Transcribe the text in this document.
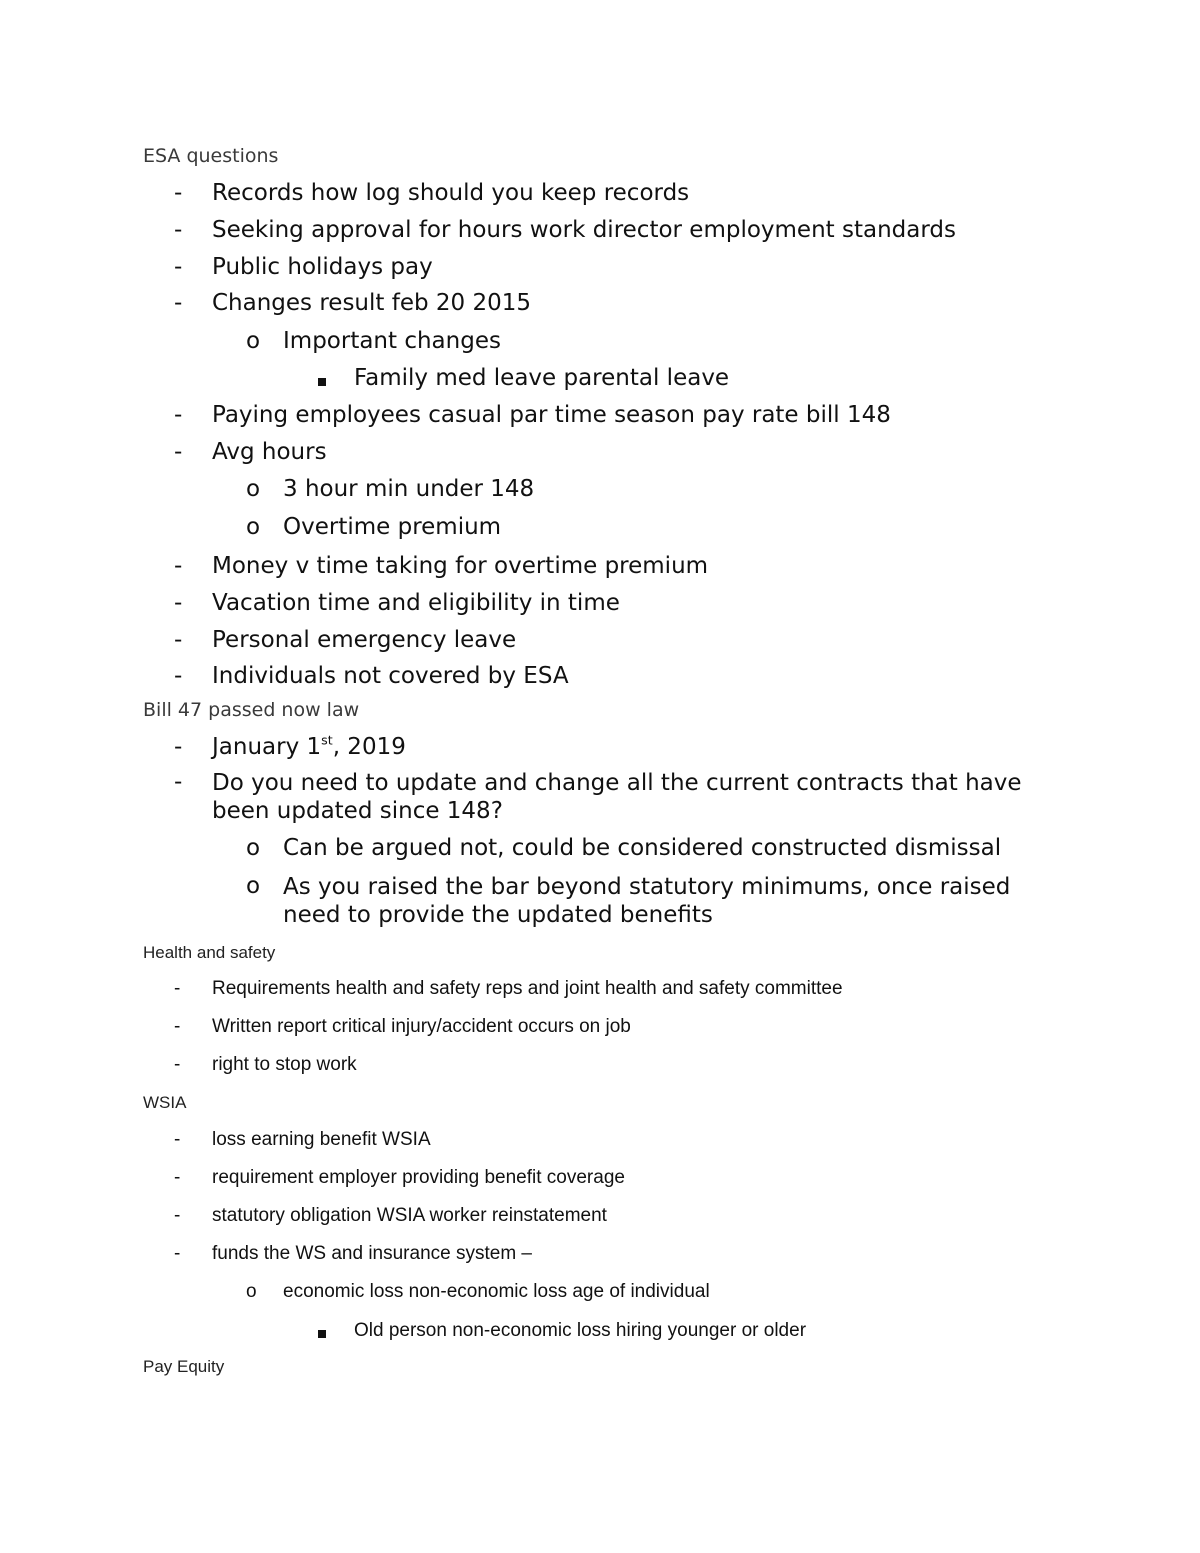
ESA questions
- Records how log should you keep records
- Seeking approval for hours work director employment standards
- Public holidays pay
- Changes result feb 20 2015
o Important changes
Family med leave parental leave
- Paying employees casual par time season pay rate bill 148
- Avg hours
o 3 hour min under 148
o Overtime premium
- Money v time taking for overtime premium
- Vacation time and eligibility in time
- Personal emergency leave
- Individuals not covered by ESA
Bill 47 passed now law
- January 1st, 2019
- Do you need to update and change all the current contracts that have been updated since 148?
o Can be argued not, could be considered constructed dismissal
o As you raised the bar beyond statutory minimums, once raised need to provide the updated benefits
Health and safety
- Requirements health and safety reps and joint health and safety committee
- Written report critical injury/accident occurs on job
- right to stop work
WSIA
- loss earning benefit WSIA
- requirement employer providing benefit coverage
- statutory obligation WSIA worker reinstatement
- funds the WS and insurance system –
o economic loss non-economic loss age of individual
Old person non-economic loss hiring younger or older
Pay Equity
